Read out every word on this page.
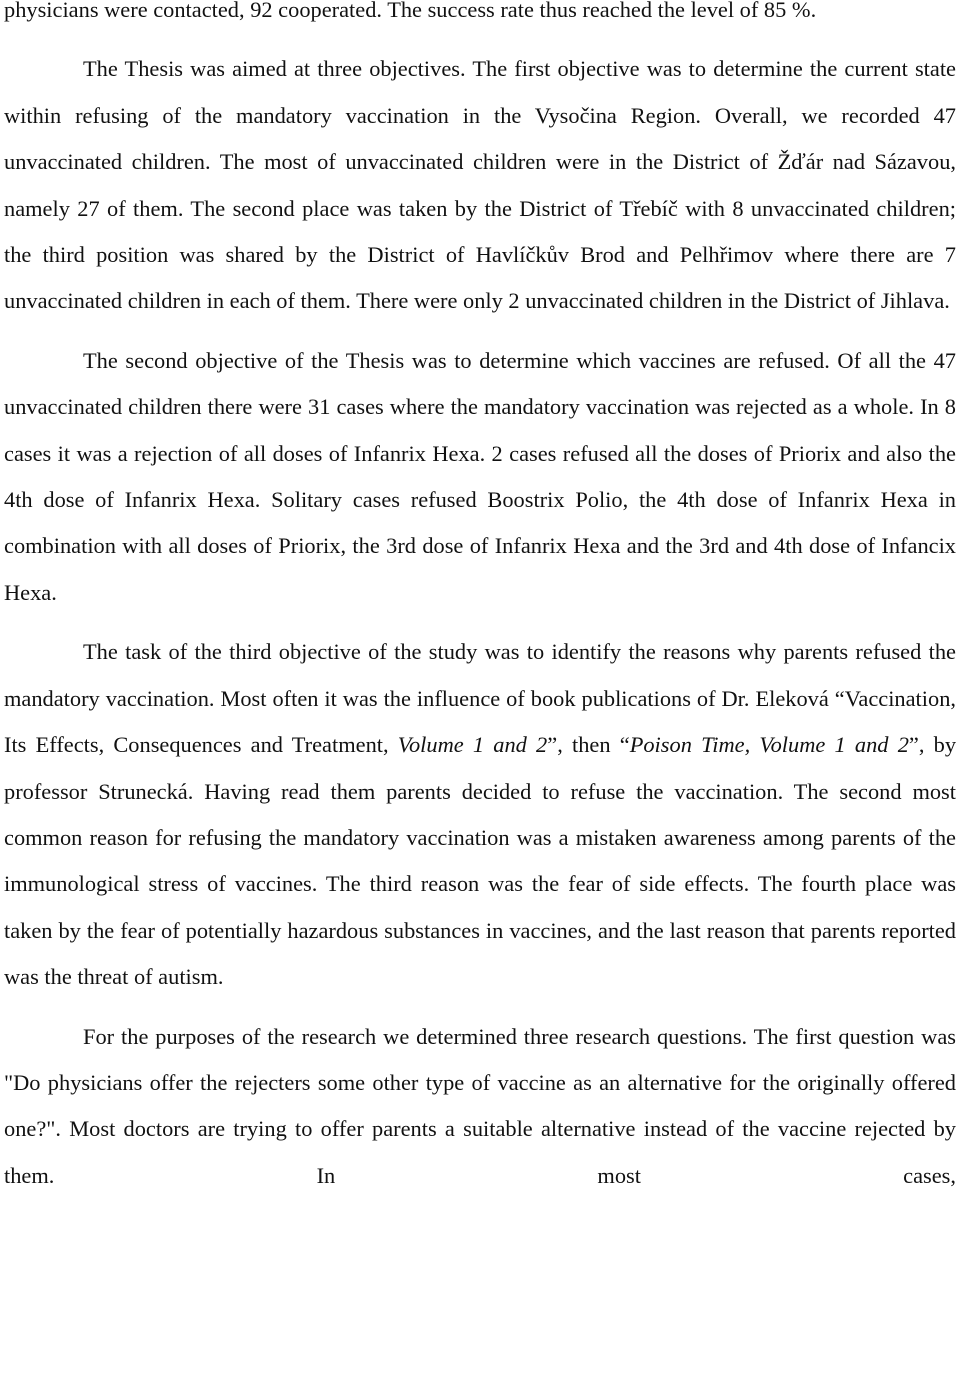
physicians were contacted, 92 cooperated. The success rate thus reached the level of 85 %.

The Thesis was aimed at three objectives. The first objective was to determine the current state within refusing of the mandatory vaccination in the Vysočina Region. Overall, we recorded 47 unvaccinated children. The most of unvaccinated children were in the District of Žďár nad Sázavou, namely 27 of them. The second place was taken by the District of Třebíč with 8 unvaccinated children; the third position was shared by the District of Havlíčkův Brod and Pelhřimov where there are 7 unvaccinated children in each of them. There were only 2 unvaccinated children in the District of Jihlava.

The second objective of the Thesis was to determine which vaccines are refused. Of all the 47 unvaccinated children there were 31 cases where the mandatory vaccination was rejected as a whole. In 8 cases it was a rejection of all doses of Infanrix Hexa. 2 cases refused all the doses of Priorix and also the 4th dose of Infanrix Hexa. Solitary cases refused Boostrix Polio, the 4th dose of Infanrix Hexa in combination with all doses of Priorix, the 3rd dose of Infanrix Hexa and the 3rd and 4th dose of Infancix Hexa.

The task of the third objective of the study was to identify the reasons why parents refused the mandatory vaccination. Most often it was the influence of book publications of Dr. Eleková “Vaccination, Its Effects, Consequences and Treatment, Volume 1 and 2”, then “Poison Time, Volume 1 and 2”, by professor Strunecká. Having read them parents decided to refuse the vaccination. The second most common reason for refusing the mandatory vaccination was a mistaken awareness among parents of the immunological stress of vaccines. The third reason was the fear of side effects. The fourth place was taken by the fear of potentially hazardous substances in vaccines, and the last reason that parents reported was the threat of autism.

For the purposes of the research we determined three research questions. The first question was "Do physicians offer the rejecters some other type of vaccine as an alternative for the originally offered one?". Most doctors are trying to offer parents a suitable alternative instead of the vaccine rejected by them. In most cases,
